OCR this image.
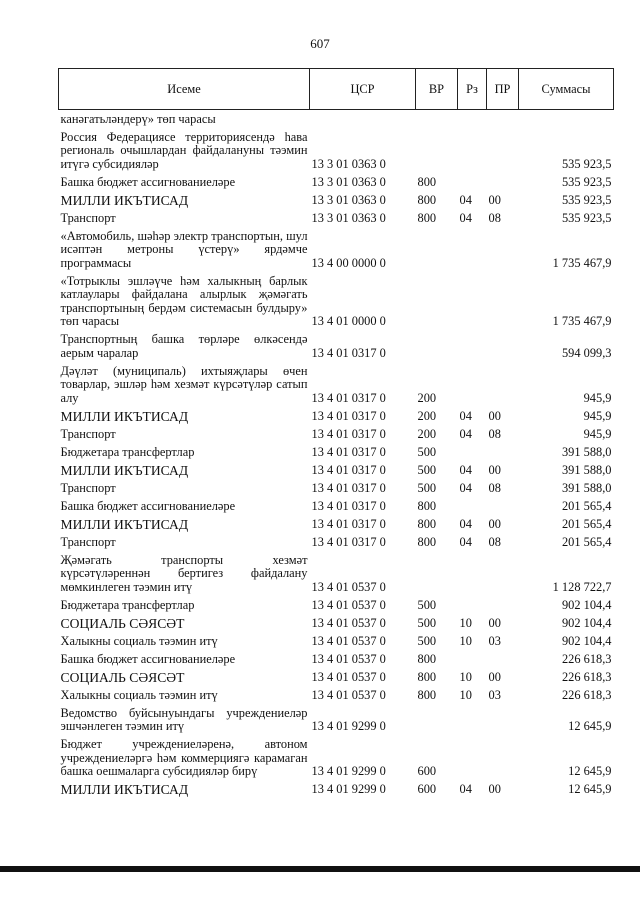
607
Исеме	ЦСР	ВР	Рз	ПР	Суммасы
канәгатьләндерү» төп чарасы					
Россия Федерациясе территориясендә һава региональ очышлардан файдалануны тәэмин итүгә субсидияләр	13 3 01 0363 0				535 923,5
Башка бюджет ассигнованиеләре	13 3 01 0363 0	800			535 923,5
МИЛЛИ ИКЪТИСАД	13 3 01 0363 0	800	04	00	535 923,5
Транспорт	13 3 01 0363 0	800	04	08	535 923,5
«Автомобиль, шәһәр электр транспортын, шул исәптән метроны үстерү» ярдәмче программасы	13 4 00 0000 0				1 735 467,9
«Тотрыклы эшләүче һәм халыкның барлык катлаулары файдалана алырлык җәмәгать транспортының бердәм системасын булдыру» төп чарасы	13 4 01 0000 0				1 735 467,9
Транспортның башка төрләре өлкәсендә аерым чаралар	13 4 01 0317 0				594 099,3
Дәүләт (муниципаль) ихтыяҗлары өчен товарлар, эшләр һәм хезмәт күрсәтүләр сатып алу	13 4 01 0317 0	200			945,9
МИЛЛИ ИКЪТИСАД	13 4 01 0317 0	200	04	00	945,9
Транспорт	13 4 01 0317 0	200	04	08	945,9
Бюджетара трансфертлар	13 4 01 0317 0	500			391 588,0
МИЛЛИ ИКЪТИСАД	13 4 01 0317 0	500	04	00	391 588,0
Транспорт	13 4 01 0317 0	500	04	08	391 588,0
Башка бюджет ассигнованиеләре	13 4 01 0317 0	800			201 565,4
МИЛЛИ ИКЪТИСАД	13 4 01 0317 0	800	04	00	201 565,4
Транспорт	13 4 01 0317 0	800	04	08	201 565,4
Җәмәгать транспорты хезмәт күрсәтүләреннән бертигез файдалану мөмкинлеген тәэмин итү	13 4 01 0537 0				1 128 722,7
Бюджетара трансфертлар	13 4 01 0537 0	500			902 104,4
СОЦИАЛЬ СӘЯСӘТ	13 4 01 0537 0	500	10	00	902 104,4
Халыкны социаль тәэмин итү	13 4 01 0537 0	500	10	03	902 104,4
Башка бюджет ассигнованиеләре	13 4 01 0537 0	800			226 618,3
СОЦИАЛЬ СӘЯСӘТ	13 4 01 0537 0	800	10	00	226 618,3
Халыкны социаль тәэмин итү	13 4 01 0537 0	800	10	03	226 618,3
Ведомство буйсынуындагы учреждениеләр эшчәнлеген тәэмин итү	13 4 01 9299 0				12 645,9
Бюджет учреждениеләренә, автоном учреждениеләргә һәм коммерциягә карамаган башка оешмаларга субсидияләр бирү	13 4 01 9299 0	600			12 645,9
МИЛЛИ ИКЪТИСАД	13 4 01 9299 0	600	04	00	12 645,9
